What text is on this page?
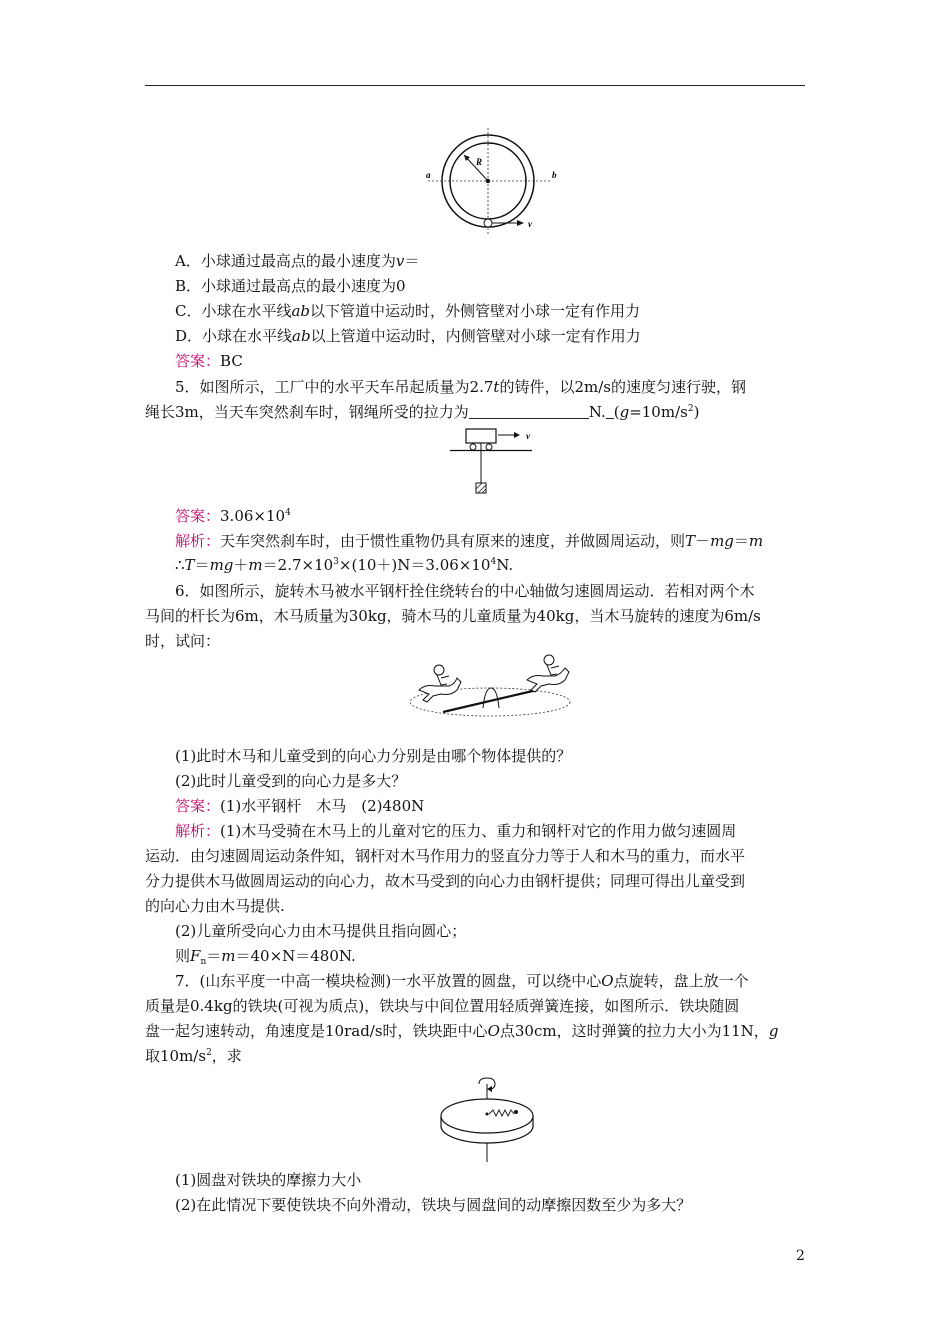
R
a	b
v
A．小球通过最高点的最小速度为v＝
B．小球通过最高点的最小速度为0
C．小球在水平线ab以下管道中运动时，外侧管壁对小球一定有作用力
D．小球在水平线ab以上管道中运动时，内侧管壁对小球一定有作用力
答案：BC
5．如图所示，工厂中的水平天车吊起质量为2.7t的铸件，以2m/s的速度匀速行驶，钢
绳长3m，当天车突然刹车时，钢绳所受的拉力为	N. $(g=10m/s^2)$
v
答案：$3.06\times 10^4$
解析：天车突然刹车时，由于惯性重物仍具有原来的速度，并做圆周运动，则T－mg＝m
$\therefore T=mg+m=2.7\times 10^3\times(10+)N=3.06\times 10^4N$.
6．如图所示，旋转木马被水平钢杆拴住绕转台的中心轴做匀速圆周运动．若相对两个木
马间的杆长为6m，木马质量为30kg，骑木马的儿童质量为40kg，当木马旋转的速度为6m/s
时，试问：
(1)此时木马和儿童受到的向心力分别是由哪个物体提供的？
(2)此时儿童受到的向心力是多大？
答案：(1)水平钢杆　木马　(2)480N
解析：(1)木马受骑在木马上的儿童对它的压力、重力和钢杆对它的作用力做匀速圆周
运动．由匀速圆周运动条件知，钢杆对木马作用力的竖直分力等于人和木马的重力，而水平
分力提供木马做圆周运动的向心力，故木马受到的向心力由钢杆提供；同理可得出儿童受到
的向心力由木马提供.
(2)儿童所受向心力由木马提供且指向圆心；
则$F_n=m=40\times N=480N$.
7．(山东平度一中高一模块检测)一水平放置的圆盘，可以绕中心O点旋转，盘上放一个
质量是0.4kg的铁块(可视为质点)，铁块与中间位置用轻质弹簧连接，如图所示．铁块随圆
盘一起匀速转动，角速度是10rad/s时，铁块距中心O点30cm，这时弹簧的拉力大小为11N，g
取$10m/s^2$，求
(1)圆盘对铁块的摩擦力大小
(2)在此情况下要使铁块不向外滑动，铁块与圆盘间的动摩擦因数至少为多大？
2
